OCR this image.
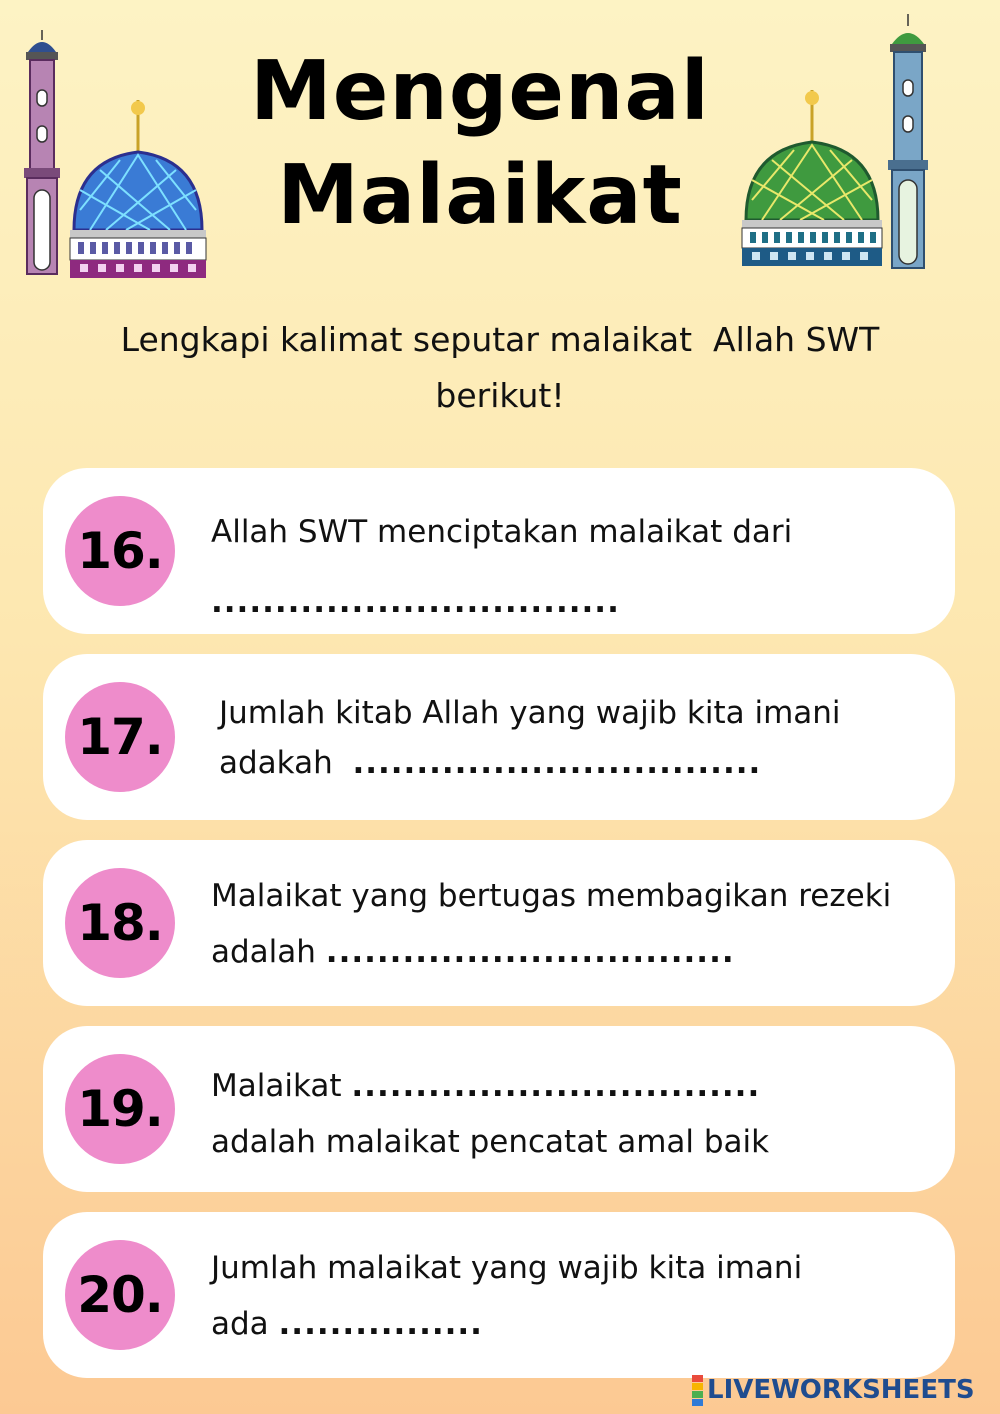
Mengenal
Malaikat
Lengkapi kalimat seputar malaikat  Allah SWT
berikut!
16.	Allah SWT menciptakan malaikat dari
................................
17.	Jumlah kitab Allah yang wajib kita imani
adakah  ................................
18.	Malaikat yang bertugas membagikan rezeki
adalah ................................
19.	Malaikat ................................
adalah malaikat pencatat amal baik
20.	Jumlah malaikat yang wajib kita imani
ada ................
LIVEWORKSHEETS
